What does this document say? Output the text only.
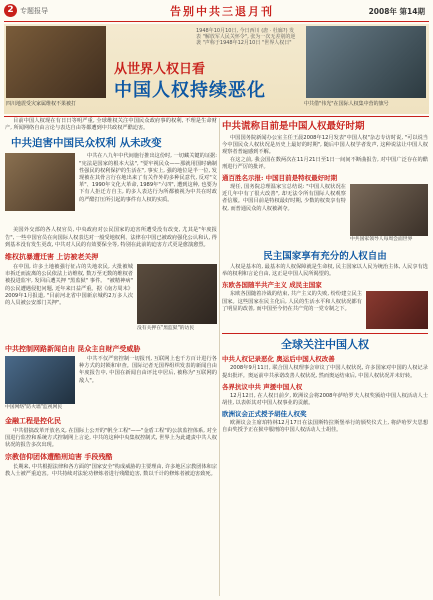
2 专题报导	告别中共三退月刊	2008年 第14期
四川地震受灾家属维权不果被打
1948年10月10日, 今日西川 (唐 · 杜廊?) 发表 "解放军人民关怀令", 张为一次无差别的逆袭 "声称于1948年12月10日 "世界人权日"
中共借"伟光"在国际人权集中营的旗号
从世界人权日看
中国人权持续恶化

目前中国人权现在有日日等明严重, 全球维权关注中国民众政府事的权利, 不理是生命财产, 所闻网络自由言论与表达自由等都遭到中共政权严酷迫害。

中共迫害中国民众权利 从未改变

中共在八九年中代间施行推出这份时, 一切藏关键的证据: "宪法是国家的根本大法", "要牢视民众——那就用国时确制性强民的权利保护的生活在", 事实上, 强的地位是半一位, 发现被在其骨言行在地出来了有关作外的多种民意代, 反对"文革"、1990年文化大革命, 1989年"六四", 遭到这种, 也要为下有人拒迁方自主, 的多人表达行为所都被视为中共在时政的严酷打压所引起的事件有人权的实质。

美国外交部的各人权官员, 中央政府对公民国家的迫害所遭受没有改变, 尤其是"年度报告", 一些中国官员在向国际人权表达对一般受地权利、法律在中国已被政府强化公认和认, 得到基本没有发生更改, 中共对人民的有效要保全等, 特别在此前的迫害方式更是愈演愈烈。

维权抗暴遭迁害 上访被老关押

在中国, 许多土地被强行征占的失地农民, 大批被城市拆迁而流离的公民依法上访维权, 数万至无数的维权者被投进监牢, 发回后遭关押 "黑监狱" 事件。 "被精神病" 的公民遭遇侵犯问题, 近年来日益严重。据《南方周末》2009年1月报道, "目前河北省中国新京城约2万多人次的人员被公安部门关押"。

没有关押在"黑监狱"的访民
中共控制网路新闻自由 昆众主自财产受威胁
中国网络"防火墙"监视网民

中共不仅严密控制一切报刊, 互联网上也千方百计进行各种方式的封锁和审查。国际记者无国界组织发表的新闻自由年度报告中, 中国在新闻自由评比中居后, 被称为"互联网的敌人"。

金融工程是控化民

中共借搞改革开放名义, 在国际上公开的"帆全工程"——"金盾工程"的公款监控体系, 对全国进行监控和系统方式控制网上言论, 中共的这种中央集权控制式, 世界上为此谴责中共人权状况的报告多次出现。

宗教信仰团体遭酷刑迫害 手段残酷

长期来, 中共根据法律和各方面的"国家安全"构成威胁的主要理由, 许多地区宗教团体和宗教人士被严重迫害。中共持续对法轮功修炼者进行残酷迫害, 数以千计的修炼者被迫害致死。

中共谎称目前是中国人权最好时期

中国国务院新闻办公室主任王晨2008年12月发表"中国人权"杂志专访时说, "可以说当今中国民众人权状况是历史上最好的时期", 随后中国人权学者发声, 这种说法让中国人权观察者普遍感到不解。

在这之前, 我会国在数两次在11月21日至1日一间间不断曲报告, 对中国广泛存在的酷刑进行严厉的批评。

通百胜名示报: 中国目前是特权最好时期

现任, 国务院总理温家宝总结说: "中国人权状况在近几年中有了很大改善", 却无法令所有国际人权观察者信服。中国目前是特权最好时期, 少数的权贵享有特权, 而普通民众的人权被剥夺。

中共国家领导人每周会面世界
民主国家享有充分的人权自由

人权是基本的, 最基本的人权保障就是生命权, 民主国家以人民为统治主体, 人民享有选举的权利和言论自由, 这正是中国人民所渴望的。

东欧各国随半共产主义 成民主国家

东欧各国随着冷战的结束, 共产主义的失败, 纷纷建立民主国家。这些国家在民主化后, 人民的生活水平和人权状况都有了明显的改善, 而中国至今仍在共产党的一党专制之下。

全球关注中国人权
中共人权记录恶化 奥运后中国人权改善

2008年9月11日, 联合国人权理事会审议了中国人权状况, 许多国家对中国的人权记录提出批评。奥运前中共承诺改善人权状况, 然而奥运结束后, 中国人权状况并未好转。

各界抗议中共 声援中国人权

12月12日, 在人权日前夕, 欧洲议会将2008年萨哈罗夫人权奖颁给中国人权活动人士胡佳, 以表彰其对中国人权事业的贡献。

欧洲议会正式授予胡佳人权奖

欧洲议会主席珀特林12月17日在法国斯特拉斯堡举行的颁奖仪式上, 将萨哈罗夫思想自由奖授予正在狱中服刑的中国人权活动人士胡佳。
